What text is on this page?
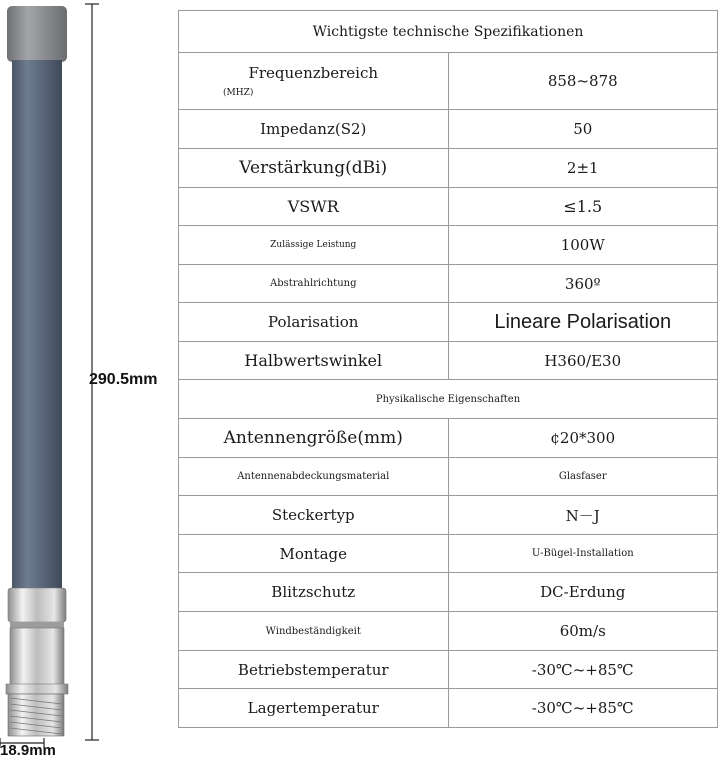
290.5mm
18.9mm
Wichtigste technische Spezifikationen	
Frequenzbereich
(MHZ)	858~878
Impedanz(S2)	50
Verstärkung(dBi)	2±1
VSWR	≤1.5
Zulässige Leistung	100W
Abstrahlrichtung	360º
Polarisation	Lineare Polarisation
Halbwertswinkel	H360/E30
Physikalische Eigenschaften	
Antennengröße(mm)	¢20*300
Antennenabdeckungsmaterial	Glasfaser
Steckertyp	N－J
Montage	U-Bügel-Installation
Blitzschutz	DC-Erdung
Windbeständigkeit	60m/s
Betriebstemperatur	-30℃~+85℃
Lagertemperatur	-30℃~+85℃
